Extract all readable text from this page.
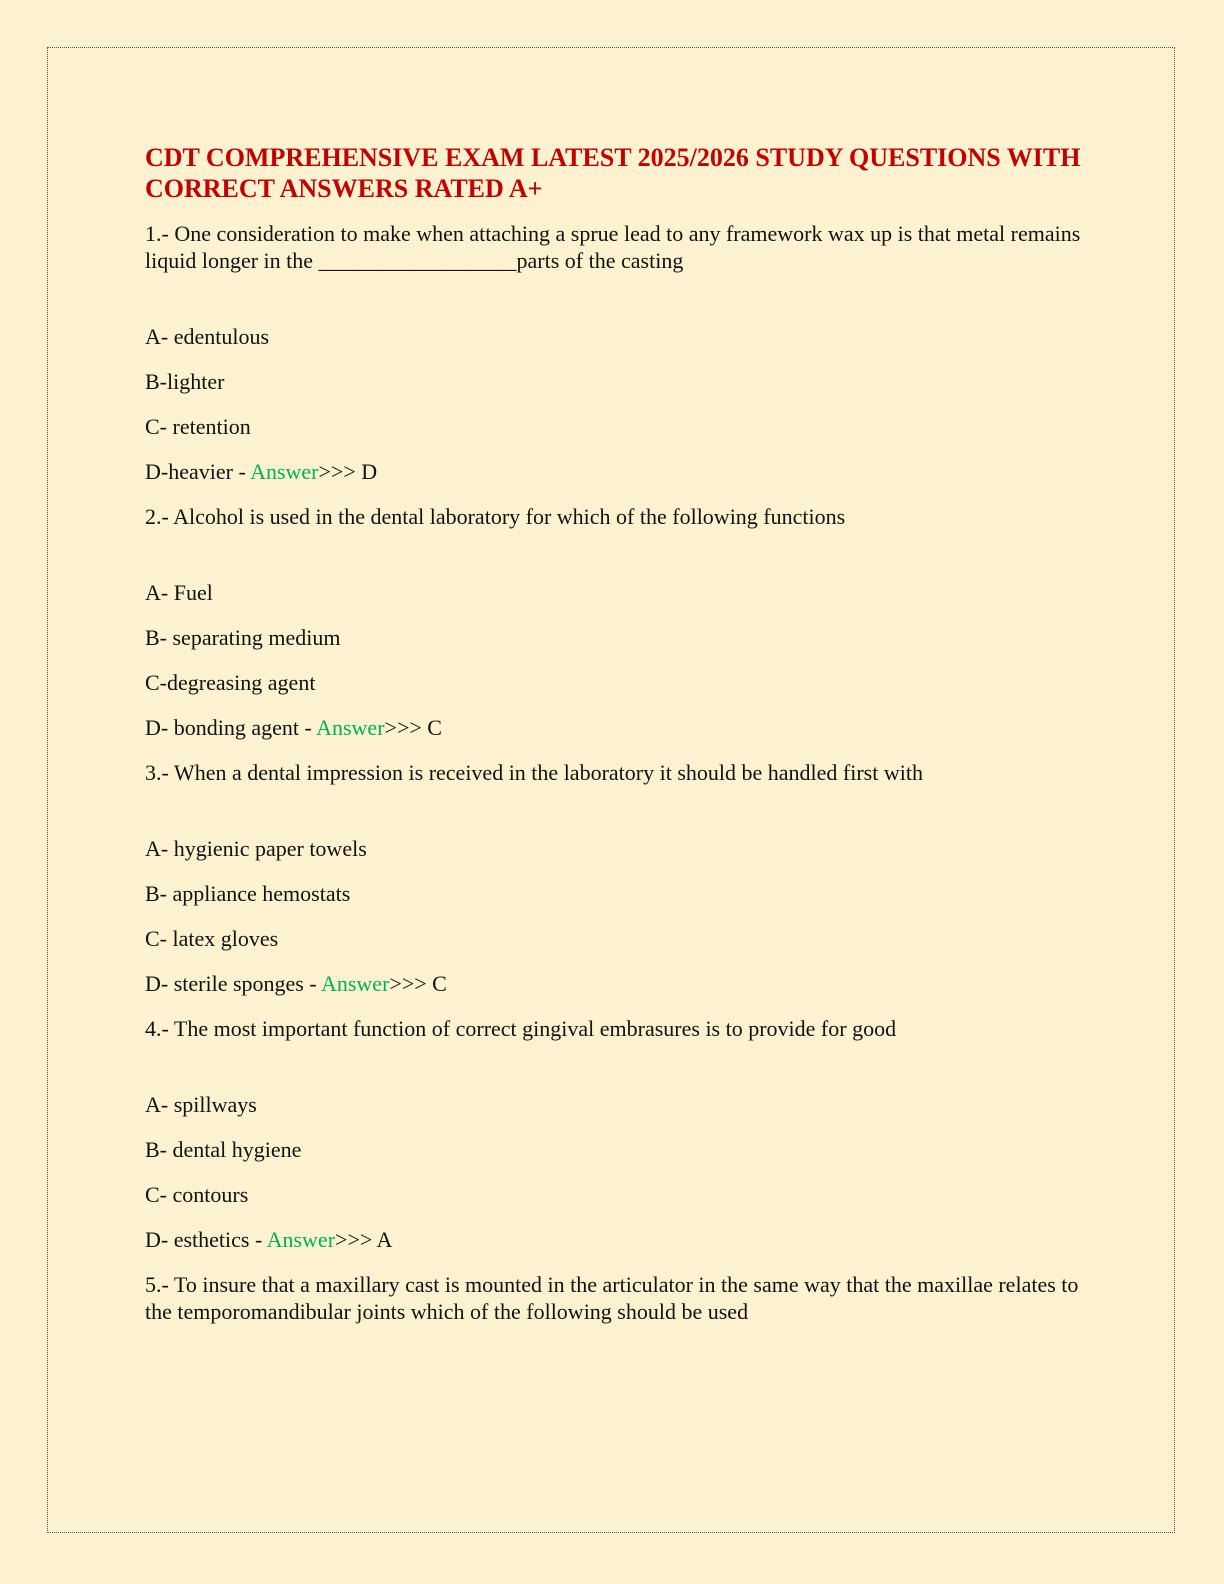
CDT COMPREHENSIVE EXAM LATEST 2025/2026 STUDY QUESTIONS WITH CORRECT ANSWERS RATED A+

1.- One consideration to make when attaching a sprue lead to any framework wax up is that metal remains liquid longer in the __________________parts of the casting

A- edentulous

B-lighter

C- retention

D-heavier - Answer>>> D

2.- Alcohol is used in the dental laboratory for which of the following functions

A- Fuel

B- separating medium

C-degreasing agent

D- bonding agent - Answer>>> C

3.- When a dental impression is received in the laboratory it should be handled first with

A- hygienic paper towels

B- appliance hemostats

C- latex gloves

D- sterile sponges - Answer>>> C

4.- The most important function of correct gingival embrasures is to provide for good

A- spillways

B- dental hygiene

C- contours

D- esthetics - Answer>>> A

5.- To insure that a maxillary cast is mounted in the articulator in the same way that the maxillae relates to the temporomandibular joints which of the following should be used
